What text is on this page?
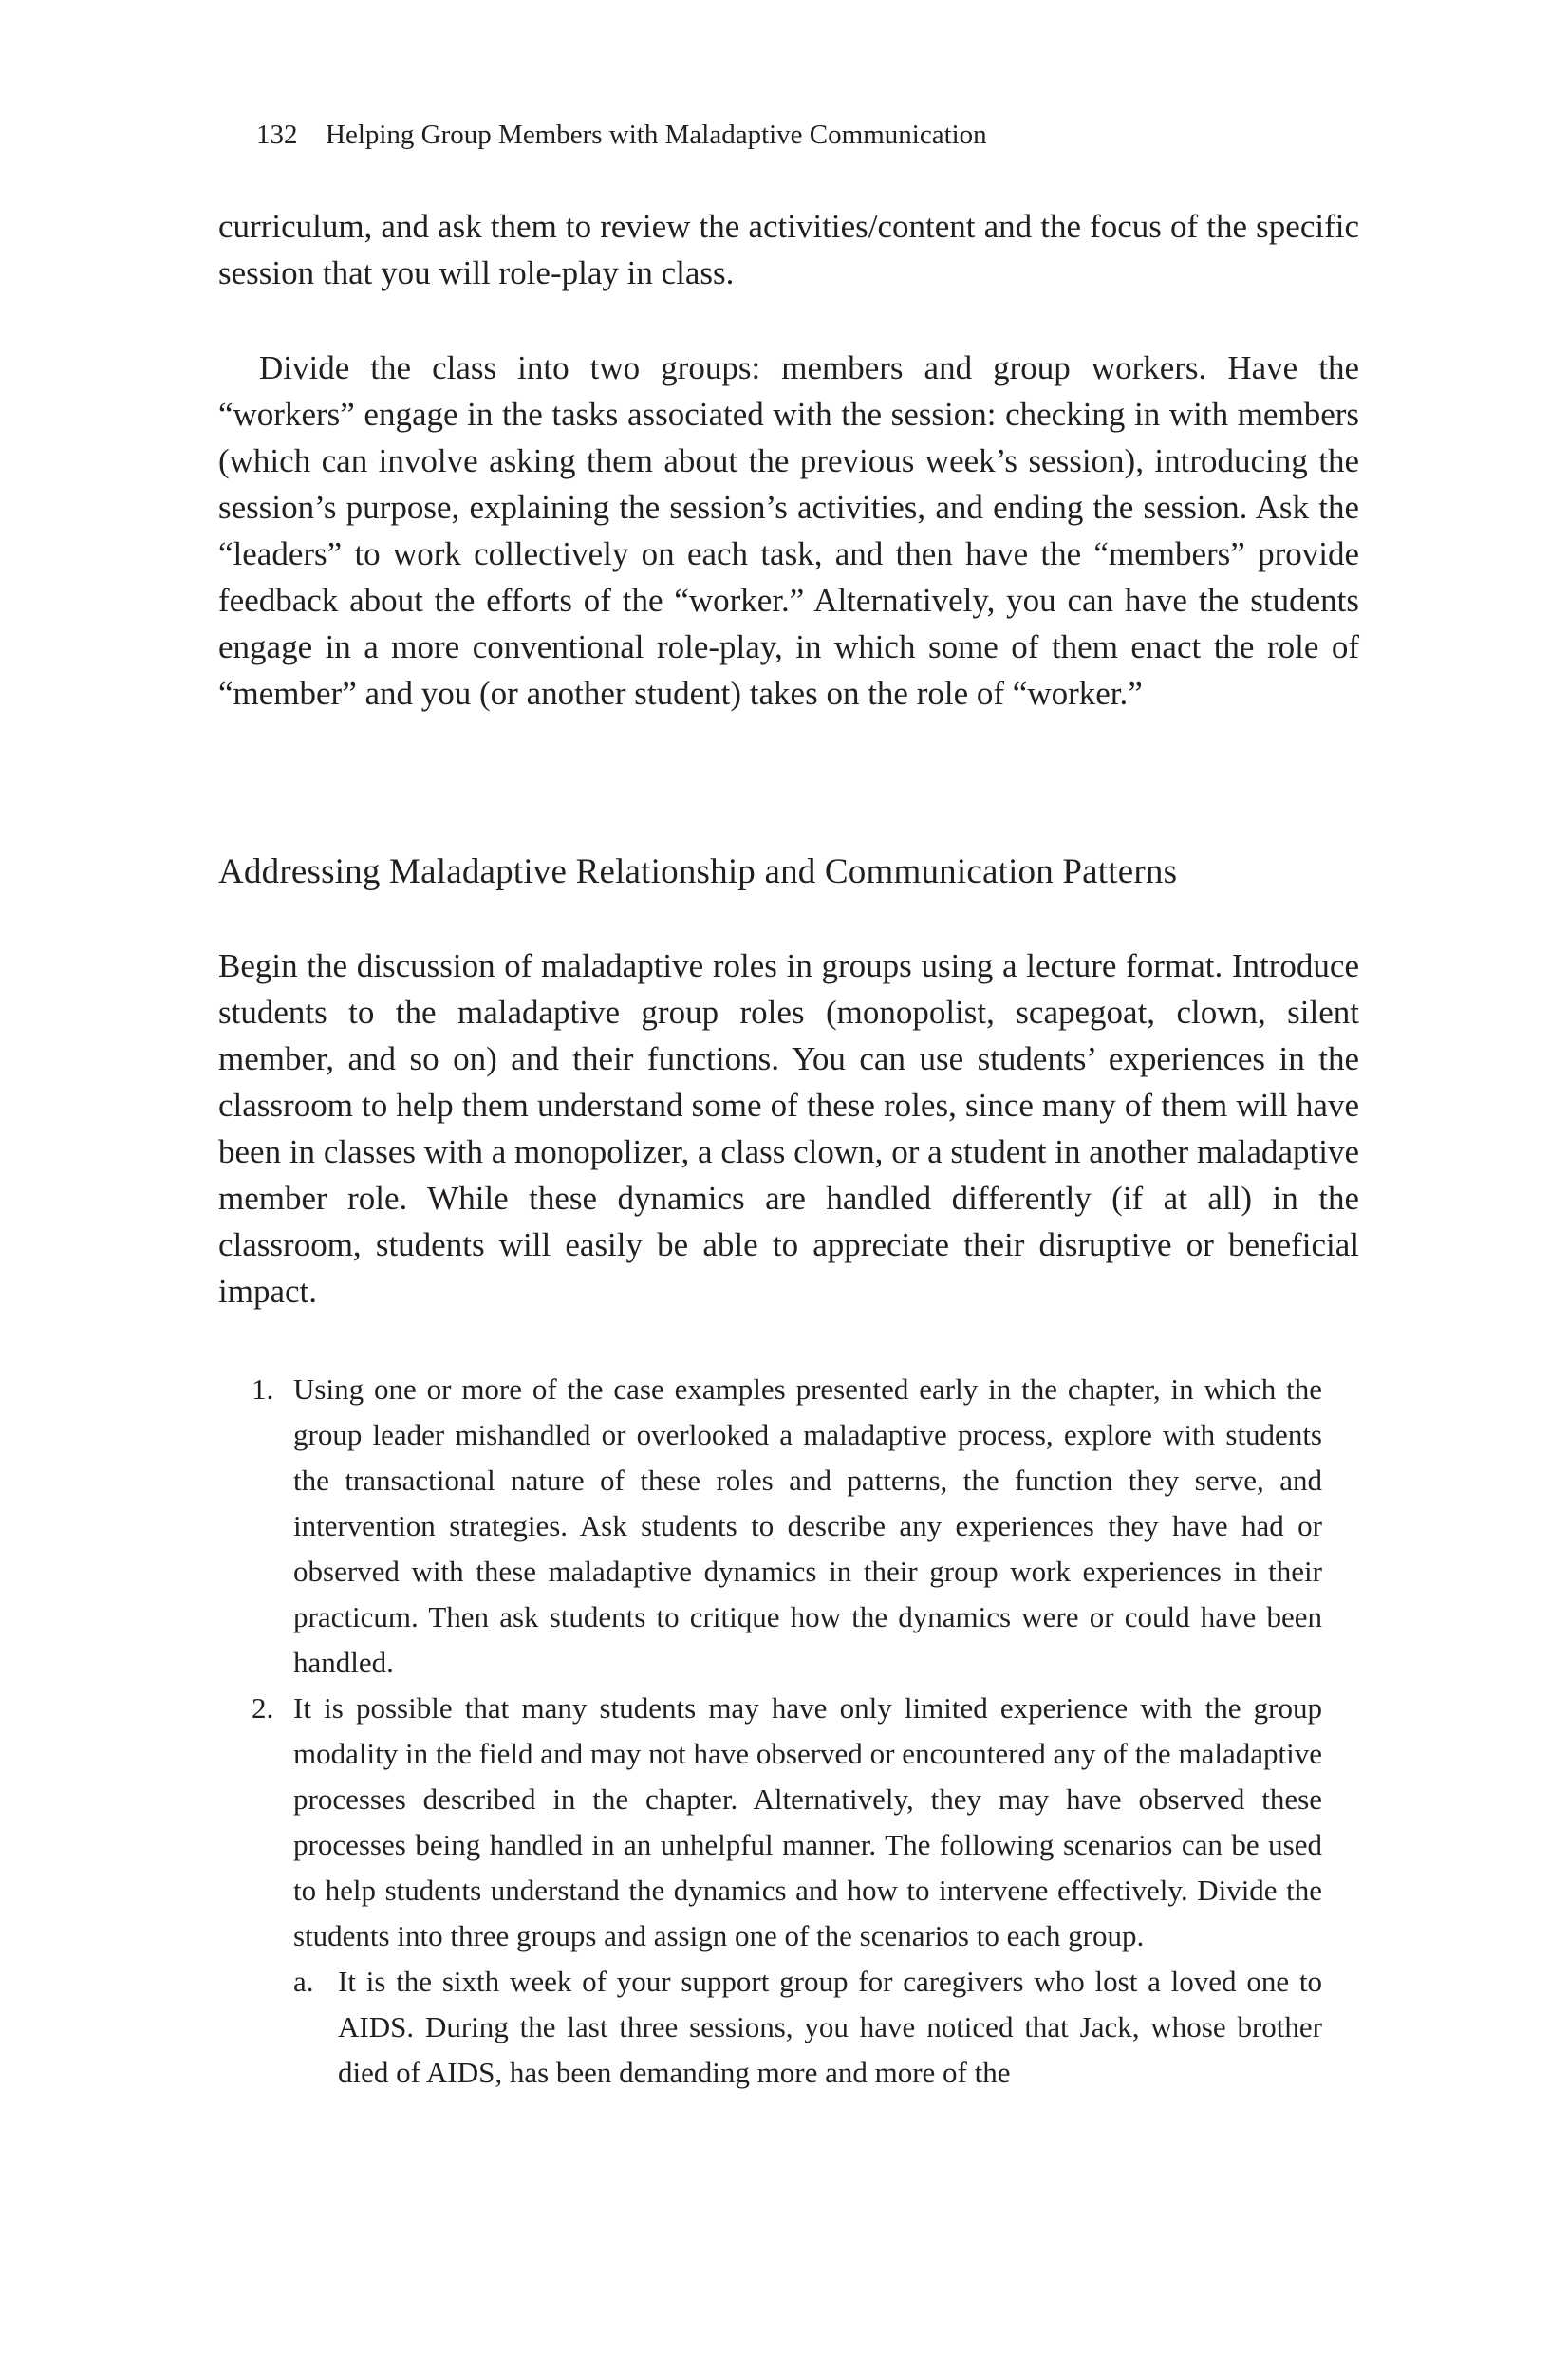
132 Helping Group Members with Maladaptive Communication

curriculum, and ask them to review the activities/content and the focus of the specific session that you will role-play in class.

Divide the class into two groups: members and group workers. Have the “workers” engage in the tasks associated with the session: checking in with members (which can involve asking them about the previous week’s session), introducing the session’s purpose, explaining the session’s activities, and ending the session. Ask the “leaders” to work collectively on each task, and then have the “members” provide feedback about the efforts of the “worker.” Alternatively, you can have the students engage in a more conventional role-play, in which some of them enact the role of “member” and you (or another student) takes on the role of “worker.”

Addressing Maladaptive Relationship and Communication Patterns

Begin the discussion of maladaptive roles in groups using a lecture format. Introduce students to the maladaptive group roles (monopolist, scapegoat, clown, silent member, and so on) and their functions. You can use students’ experiences in the classroom to help them understand some of these roles, since many of them will have been in classes with a monopolizer, a class clown, or a student in another maladaptive member role. While these dynamics are handled differently (if at all) in the classroom, students will easily be able to appreciate their disruptive or beneficial impact.

1. Using one or more of the case examples presented early in the chapter, in which the group leader mishandled or overlooked a maladaptive process, explore with students the transactional nature of these roles and patterns, the function they serve, and intervention strategies. Ask students to describe any experiences they have had or observed with these maladaptive dynamics in their group work experiences in their practicum. Then ask students to critique how the dynamics were or could have been handled.
2. It is possible that many students may have only limited experience with the group modality in the field and may not have observed or encountered any of the maladaptive processes described in the chapter. Alternatively, they may have observed these processes being handled in an unhelpful manner. The following scenarios can be used to help students understand the dynamics and how to intervene effectively. Divide the students into three groups and assign one of the scenarios to each group.
a. It is the sixth week of your support group for caregivers who lost a loved one to AIDS. During the last three sessions, you have noticed that Jack, whose brother died of AIDS, has been demanding more and more of the
